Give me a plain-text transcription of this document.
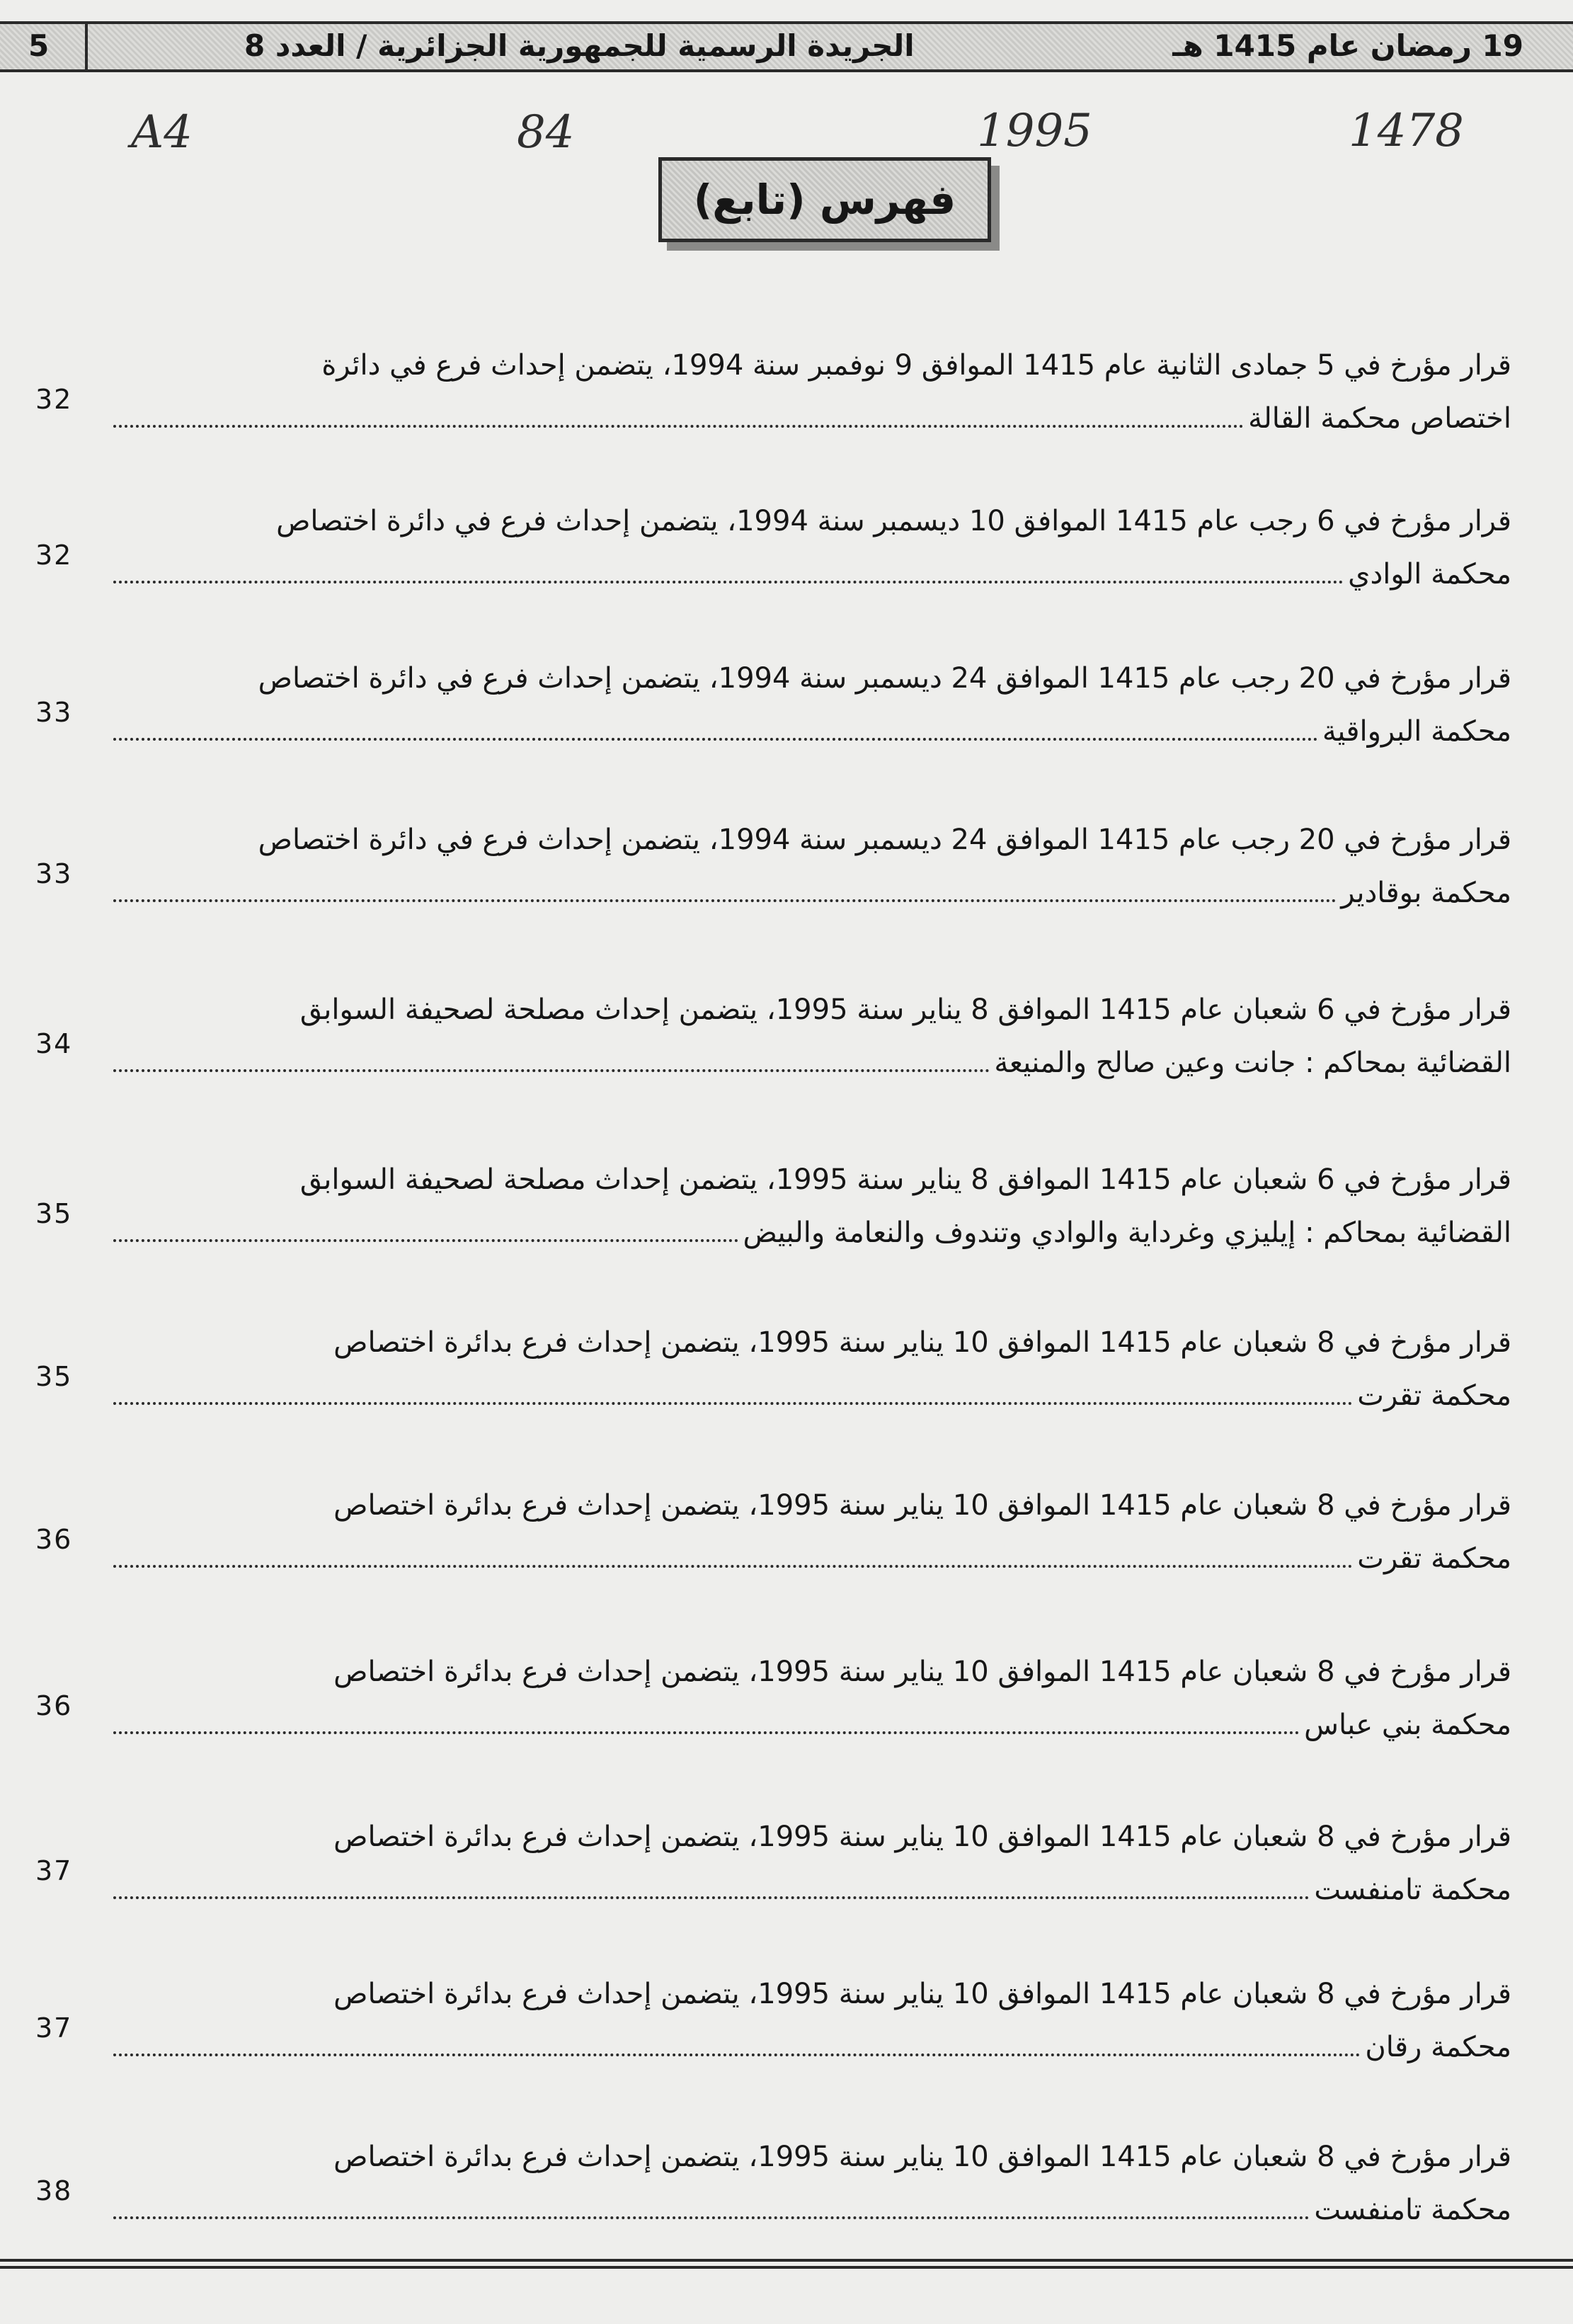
5	الجريدة الرسمية للجمهورية الجزائرية / العدد 8	19 رمضان عام 1415 هـ
A4	84	1995	1478
فهرس (تابع)
قرار مؤرخ في 5 جمادى الثانية عام 1415 الموافق 9 نوفمبر سنة 1994، يتضمن إحداث فرع في دائرة
اختصاص محكمة القالة
32
قرار مؤرخ في 6 رجب عام 1415 الموافق 10 ديسمبر سنة 1994، يتضمن إحداث فرع في دائرة اختصاص
محكمة الوادي
32
قرار مؤرخ في 20 رجب عام 1415 الموافق 24 ديسمبر سنة 1994، يتضمن إحداث فرع في دائرة اختصاص
محكمة البرواقية
33
قرار مؤرخ في 20 رجب عام 1415 الموافق 24 ديسمبر سنة 1994، يتضمن إحداث فرع في دائرة اختصاص
محكمة بوقادير
33
قرار مؤرخ في 6 شعبان عام 1415 الموافق 8 يناير سنة 1995، يتضمن إحداث مصلحة لصحيفة السوابق
القضائية بمحاكم : جانت وعين صالح والمنيعة
34
قرار مؤرخ في 6 شعبان عام 1415 الموافق 8 يناير سنة 1995، يتضمن إحداث مصلحة لصحيفة السوابق
القضائية بمحاكم : إيليزي وغرداية والوادي وتندوف والنعامة والبيض
35
قرار مؤرخ في 8 شعبان عام 1415 الموافق 10 يناير سنة 1995، يتضمن إحداث فرع بدائرة اختصاص
محكمة تقرت
35
قرار مؤرخ في 8 شعبان عام 1415 الموافق 10 يناير سنة 1995، يتضمن إحداث فرع بدائرة اختصاص
محكمة تقرت
36
قرار مؤرخ في 8 شعبان عام 1415 الموافق 10 يناير سنة 1995، يتضمن إحداث فرع بدائرة اختصاص
محكمة بني عباس
36
قرار مؤرخ في 8 شعبان عام 1415 الموافق 10 يناير سنة 1995، يتضمن إحداث فرع بدائرة اختصاص
محكمة تامنفست
37
قرار مؤرخ في 8 شعبان عام 1415 الموافق 10 يناير سنة 1995، يتضمن إحداث فرع بدائرة اختصاص
محكمة رقان
37
قرار مؤرخ في 8 شعبان عام 1415 الموافق 10 يناير سنة 1995، يتضمن إحداث فرع بدائرة اختصاص
محكمة تامنفست
38
